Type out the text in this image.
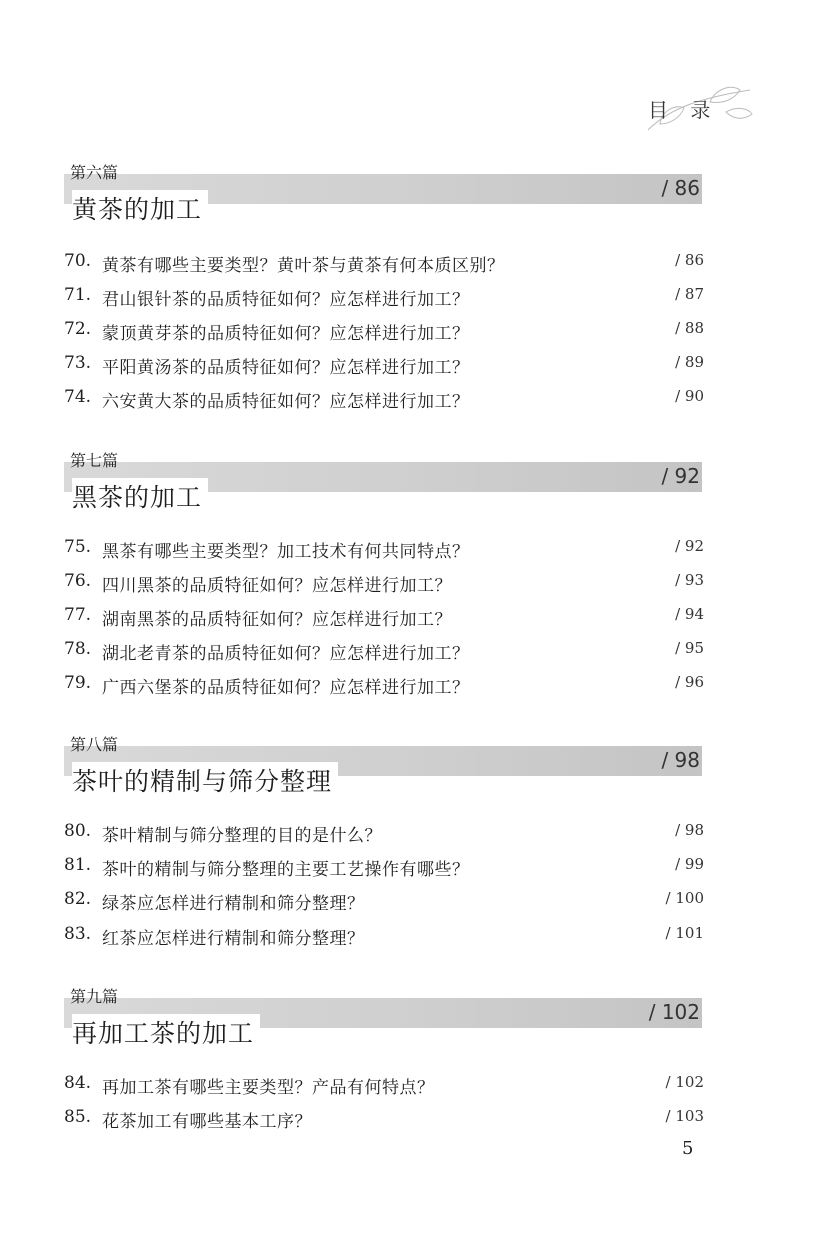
目 录
第六篇
黄茶的加工
/ 86
70. 黄茶有哪些主要类型？黄叶茶与黄茶有何本质区别？	/ 86
71. 君山银针茶的品质特征如何？应怎样进行加工？	/ 87
72. 蒙顶黄芽茶的品质特征如何？应怎样进行加工？	/ 88
73. 平阳黄汤茶的品质特征如何？应怎样进行加工？	/ 89
74. 六安黄大茶的品质特征如何？应怎样进行加工？	/ 90
第七篇
黑茶的加工
/ 92
75. 黑茶有哪些主要类型？加工技术有何共同特点？	/ 92
76. 四川黑茶的品质特征如何？应怎样进行加工？	/ 93
77. 湖南黑茶的品质特征如何？应怎样进行加工？	/ 94
78. 湖北老青茶的品质特征如何？应怎样进行加工？	/ 95
79. 广西六堡茶的品质特征如何？应怎样进行加工？	/ 96
第八篇
茶叶的精制与筛分整理
/ 98
80. 茶叶精制与筛分整理的目的是什么？	/ 98
81. 茶叶的精制与筛分整理的主要工艺操作有哪些？	/ 99
82. 绿茶应怎样进行精制和筛分整理？	/ 100
83. 红茶应怎样进行精制和筛分整理？	/ 101
第九篇
再加工茶的加工
/ 102
84. 再加工茶有哪些主要类型？产品有何特点？	/ 102
85. 花茶加工有哪些基本工序？	/ 103
5
